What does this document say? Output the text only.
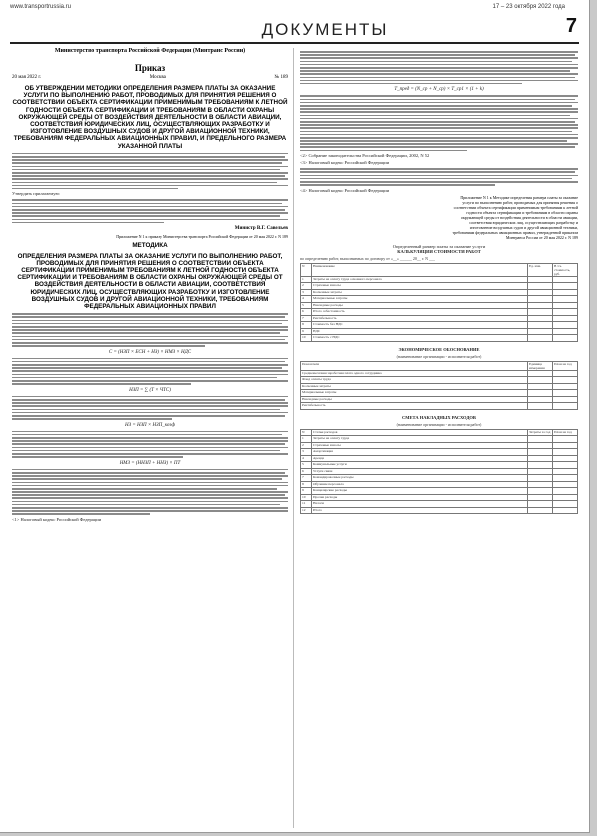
www.transportrussia.ru	17 – 23 октября 2022 года
ДОКУМЕНТЫ	7
Министерство транспорта Российской Федерации (Минтранс России)
Приказ
20 мая 2022 г.	Москва	№ 189
ОБ УТВЕРЖДЕНИИ МЕТОДИКИ ОПРЕДЕЛЕНИЯ РАЗМЕРА ПЛАТЫ ЗА ОКАЗАНИЕ УСЛУГИ ПО ВЫПОЛНЕНИЮ РАБОТ, ПРОВОДИМЫХ ДЛЯ ПРИНЯТИЯ РЕШЕНИЯ О СООТВЕТСТВИИ ОБЪЕКТА СЕРТИФИКАЦИИ ПРИМЕНИМЫМ ТРЕБОВАНИЯМ К ЛЕТНОЙ ГОДНОСТИ ОБЪЕКТА СЕРТИФИКАЦИИ И ТРЕБОВАНИЯМ В ОБЛАСТИ ОХРАНЫ ОКРУЖАЮЩЕЙ СРЕДЫ ОТ ВОЗДЕЙСТВИЯ ДЕЯТЕЛЬНОСТИ В ОБЛАСТИ АВИАЦИИ, СООТВЕТСТВИЯ ЮРИДИЧЕСКИХ ЛИЦ, ОСУЩЕСТВЛЯЮЩИХ РАЗРАБОТКУ И ИЗГОТОВЛЕНИЕ ВОЗДУШНЫХ СУДОВ И ДРУГОЙ АВИАЦИОННОЙ ТЕХНИКИ, ТРЕБОВАНИЯМ ФЕДЕРАЛЬНЫХ АВИАЦИОННЫХ ПРАВИЛ, И ПРЕДЕЛЬНОГО РАЗМЕРА УКАЗАННОЙ ПЛАТЫ
Утвердить прилагаемую:
Министр В.Г. Савельев
Приложение N 1 к приказу Министерства транспорта Российской Федерации от 20 мая 2022 г. N 189
МЕТОДИКА
ОПРЕДЕЛЕНИЯ РАЗМЕРА ПЛАТЫ ЗА ОКАЗАНИЕ УСЛУГИ ПО ВЫПОЛНЕНИЮ РАБОТ, ПРОВОДИМЫХ ДЛЯ ПРИНЯТИЯ РЕШЕНИЯ О СООТВЕТСТВИИ ОБЪЕКТА СЕРТИФИКАЦИИ ПРИМЕНИМЫМ ТРЕБОВАНИЯМ К ЛЕТНОЙ ГОДНОСТИ ОБЪЕКТА СЕРТИФИКАЦИИ И ТРЕБОВАНИЯМ В ОБЛАСТИ ОХРАНЫ ОКРУЖАЮЩЕЙ СРЕДЫ ОТ ВОЗДЕЙСТВИЯ ДЕЯТЕЛЬНОСТИ В ОБЛАСТИ АВИАЦИИ, СООТВЕТСТВИЯ ЮРИДИЧЕСКИХ ЛИЦ, ОСУЩЕСТВЛЯЮЩИХ РАЗРАБОТКУ И ИЗГОТОВЛЕНИЕ ВОЗДУШНЫХ СУДОВ И ДРУГОЙ АВИАЦИОННОЙ ТЕХНИКИ, ТРЕБОВАНИЯМ ФЕДЕРАЛЬНЫХ АВИАЦИОННЫХ ПРАВИЛ
С = (НЗП × ЕСН + НЗ) × НМЗ × НДС
НЗП = ∑ (T × ЧТС)
НЗ = НЗП × НЗП_коэф
НМЗ = (ННЗП + ННЗ) × ПТ
<1> Налоговый кодекс Российской Федерации
Т_пред = (N_ср + N_ср) × Т_ср1 × (1 + k)
<2> Собрание законодательства Российской Федерации, 2002, N 52
<3> Налоговый кодекс Российской Федерации
<4> Налоговый кодекс Российской Федерации
Приложение N 1 к Методике определения размера платы за оказание услуги по выполнению работ, проводимых для принятия решения о соответствии объекта сертификации применимым требованиям к летной годности объекта сертификации и требованиям в области охраны окружающей среды от воздействия деятельности в области авиации, соответствия юридических лиц, осуществляющих разработку и изготовление воздушных судов и другой авиационной техники, требованиям федеральных авиационных правил, утвержденной приказом Минтранса России от 20 мая 2022 г. N 189
Определенный размер платы за оказание услуги
КАЛЬКУЛЯЦИЯ СТОИМОСТИ РАБОТ
по определению работ, выполняемых по договору от «__» ______ 20__ г. N ___
N	Наименование	Ед. изм.	В т.ч. стоимость, руб.
1	Затраты на оплату труда основного персонала		
2	Страховые взносы		
3	Косвенные затраты		
4	Материальные затраты		
5	Накладные расходы		
6	Итого себестоимость		
7	Рентабельность		
8	Стоимость без НДС		
9	НДС		
10	Стоимость с НДС		
ЭКОНОМИЧЕСКОЕ ОБОСНОВАНИЕ
(наименование организации - исполнителя работ)
Показатели	Единица измерения	План на год
Среднемесячная заработная плата одного сотрудника		
Фонд оплаты труда		
Косвенные затраты		
Материальные затраты		
Накладные расходы		
Рентабельность		
СМЕТА НАКЛАДНЫХ РАСХОДОВ
(наименование организации - исполнителя работ)
N	Статьи расходов	Затраты за год	План на год
1	Затраты на оплату труда		
2	Страховые взносы		
3	Амортизация		
4	Аренда		
5	Коммунальные услуги		
6	Услуги связи		
7	Командировочные расходы		
8	Обучение персонала		
9	Канцелярские расходы		
10	Прочие расходы		
11	Налоги		
12	Итого		
